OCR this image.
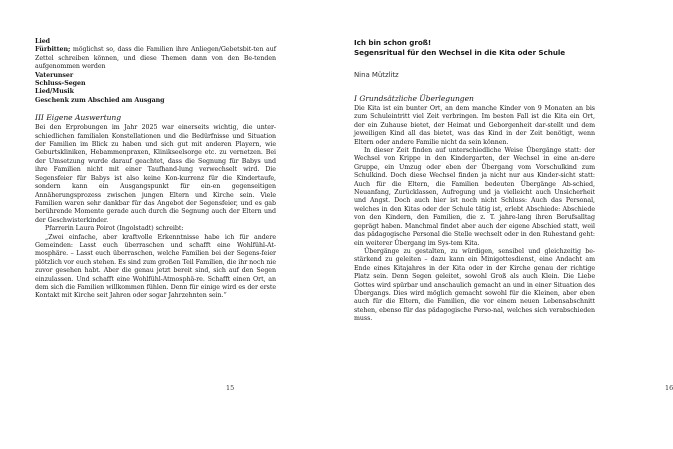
Lied

Fürbitten; möglichst so, dass die Familien ihre Anliegen/Gebetsbit-ten auf Zettel schreiben können, und diese Themen dann von den Be-tenden aufgenommen werden

Vaterunser

Schluss-Segen

Lied/Musik

Geschenk zum Abschied am Ausgang

III Eigene Auswertung

Bei den Erprobungen im Jahr 2025 war einerseits wichtig, die unter-schiedlichen familialen Konstellationen und die Bedürfnisse und Situation der Familien im Blick zu haben und sich gut mit anderen Playern, wie Geburtskliniken, Hebammenpraxen, Klinikseelsorge etc. zu vernetzen. Bei der Umsetzung wurde darauf geachtet, dass die Segnung für Babys und ihre Familien nicht mit einer Taufhand-lung verwechselt wird. Die Segensfeier für Babys ist also keine Kon-kurrenz für die Kindertaufe, sondern kann ein Ausgangspunkt für ein-en gegenseitigen Annäherungsprozess zwischen jungen Eltern und Kirche sein. Viele Familien waren sehr dankbar für das Angebot der Segensfeier, und es gab berührende Momente gerade auch durch die Segnung auch der Eltern und der Geschwisterkinder.

Pfarrerin Laura Poirot (Ingolstadt) schreibt:

„Zwei einfache, aber kraftvolle Erkenntnisse habe ich für andere Gemeinden: Lasst euch überraschen und schafft eine Wohlfühl-At-mosphäre. – Lasst euch überraschen, welche Familien bei der Segens-feier plötzlich vor euch stehen. Es sind zum großen Teil Familien, die ihr noch nie zuvor gesehen habt. Aber die genau jetzt bereit sind, sich auf den Segen einzulassen. Und schafft eine Wohlfühl-Atmosphä-re. Schafft einen Ort, an dem sich die Familien willkommen fühlen. Denn für einige wird es der erste Kontakt mit Kirche seit Jahren oder sogar Jahrzehnten sein.“

15

Ich bin schon groß!

Segensritual für den Wechsel in die Kita oder Schule

Nina Mützlitz

I Grundsätzliche Überlegungen

Die Kita ist ein bunter Ort, an dem manche Kinder von 9 Monaten an bis zum Schuleintritt viel Zeit verbringen. Im besten Fall ist die Kita ein Ort, der ein Zuhause bietet, der Heimat und Geborgenheit dar-stellt und dem jeweiligen Kind all das bietet, was das Kind in der Zeit benötigt, wenn Eltern oder andere Familie nicht da sein können.

In dieser Zeit finden auf unterschiedliche Weise Übergänge statt: der Wechsel von Krippe in den Kindergarten, der Wechsel in eine an-dere Gruppe, ein Umzug oder eben der Übergang vom Vorschulkind zum Schulkind. Doch diese Wechsel finden ja nicht nur aus Kinder-sicht statt: Auch für die Eltern, die Familien bedeuten Übergänge Ab-schied, Neuanfang, Zurücklassen, Aufregung und ja vielleicht auch Unsicherheit und Angst. Doch auch hier ist noch nicht Schluss: Auch das Personal, welches in den Kitas oder der Schule tätig ist, erlebt Abschiede: Abschiede von den Kindern, den Familien, die z. T. jahre-lang ihren Berufsalltag geprägt haben. Manchmal findet aber auch der eigene Abschied statt, weil das pädagogische Personal die Stelle wechselt oder in den Ruhestand geht: ein weiterer Übergang im Sys-tem Kita.

Übergänge zu gestalten, zu würdigen, sensibel und gleichzeitig be-stärkend zu geleiten – dazu kann ein Minigottesdienst, eine Andacht am Ende eines Kitajahres in der Kita oder in der Kirche genau der richtige Platz sein. Denn Segen geleitet, sowohl Groß als auch Klein. Die Liebe Gottes wird spürbar und anschaulich gemacht an und in einer Situation des Übergangs. Dies wird möglich gemacht sowohl für die Kleinen, aber eben auch für die Eltern, die Familien, die vor einem neuen Lebensabschnitt stehen, ebenso für das pädagogische Perso-nal, welches sich verabschieden muss.

16
